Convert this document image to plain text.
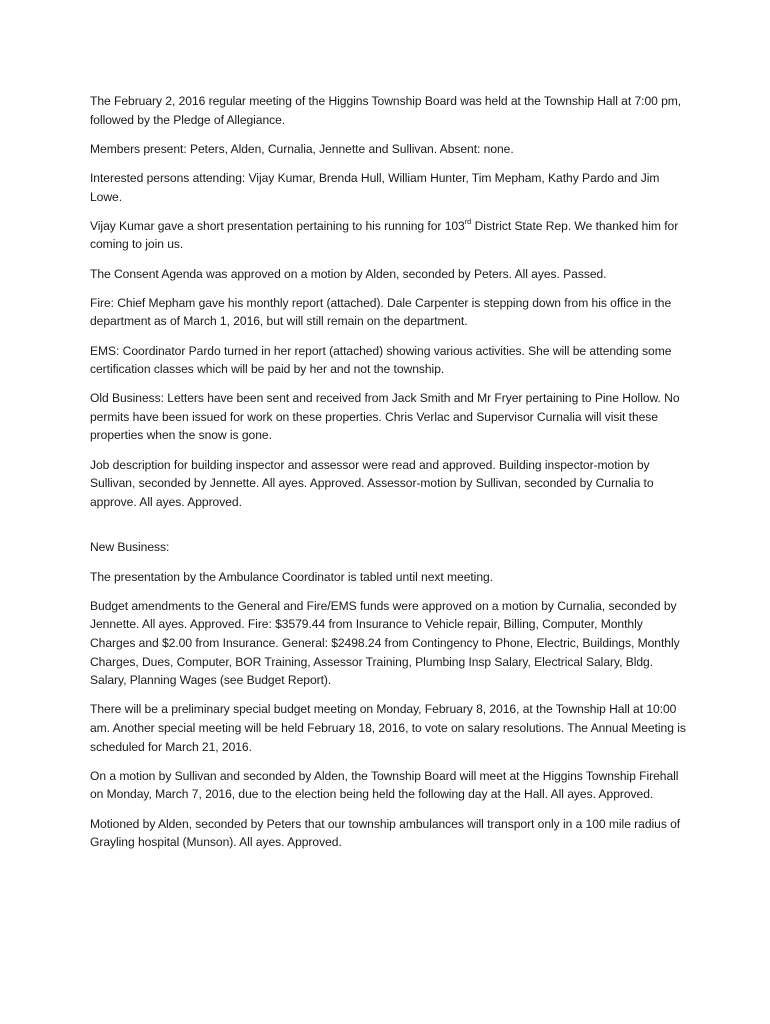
The February 2, 2016 regular meeting of the Higgins Township Board was held at the Township Hall at 7:00 pm, followed by the Pledge of Allegiance.

Members present: Peters, Alden, Curnalia, Jennette and Sullivan. Absent: none.

Interested persons attending: Vijay Kumar, Brenda Hull, William Hunter, Tim Mepham, Kathy Pardo and Jim Lowe.

Vijay Kumar gave a short presentation pertaining to his running for 103rd District State Rep. We thanked him for coming to join us.

The Consent Agenda was approved on a motion by Alden, seconded by Peters. All ayes. Passed.

Fire: Chief Mepham gave his monthly report (attached). Dale Carpenter is stepping down from his office in the department as of March 1, 2016, but will still remain on the department.

EMS: Coordinator Pardo turned in her report (attached) showing various activities. She will be attending some certification classes which will be paid by her and not the township.

Old Business: Letters have been sent and received from Jack Smith and Mr Fryer pertaining to Pine Hollow. No permits have been issued for work on these properties. Chris Verlac and Supervisor Curnalia will visit these properties when the snow is gone.

Job description for building inspector and assessor were read and approved. Building inspector-motion by Sullivan, seconded by Jennette. All ayes. Approved. Assessor-motion by Sullivan, seconded by Curnalia to approve. All ayes. Approved.

New Business:

The presentation by the Ambulance Coordinator is tabled until next meeting.

Budget amendments to the General and Fire/EMS funds were approved on a motion by Curnalia, seconded by Jennette. All ayes. Approved. Fire: $3579.44 from Insurance to Vehicle repair, Billing, Computer, Monthly Charges and $2.00 from Insurance. General: $2498.24 from Contingency to Phone, Electric, Buildings, Monthly Charges, Dues, Computer, BOR Training, Assessor Training, Plumbing Insp Salary, Electrical Salary, Bldg. Salary, Planning Wages (see Budget Report).

There will be a preliminary special budget meeting on Monday, February 8, 2016, at the Township Hall at 10:00 am. Another special meeting will be held February 18, 2016, to vote on salary resolutions. The Annual Meeting is scheduled for March 21, 2016.

On a motion by Sullivan and seconded by Alden, the Township Board will meet at the Higgins Township Firehall on Monday, March 7, 2016, due to the election being held the following day at the Hall. All ayes. Approved.

Motioned by Alden, seconded by Peters that our township ambulances will transport only in a 100 mile radius of Grayling hospital (Munson). All ayes. Approved.
